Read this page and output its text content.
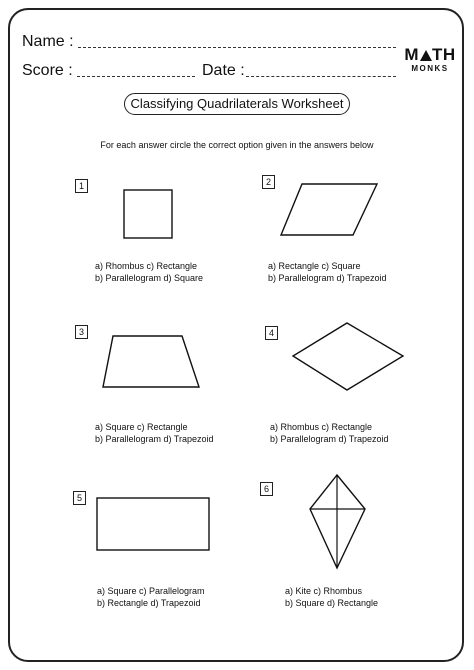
Name :
Score :	Date :
M TH
MONKS
Classifying Quadrilaterals Worksheet
For each answer circle the correct option given in the answers below
1
a) Rhombus c) Rectangle
b) Parallelogram d) Square
2
a) Rectangle c) Square
b) Parallelogram d) Trapezoid
3
a) Square c) Rectangle
b) Parallelogram d) Trapezoid
4
a) Rhombus c) Rectangle
b) Parallelogram d) Trapezoid
5
a) Square c) Parallelogram
b) Rectangle d) Trapezoid
6
a) Kite c) Rhombus
b) Square d) Rectangle
